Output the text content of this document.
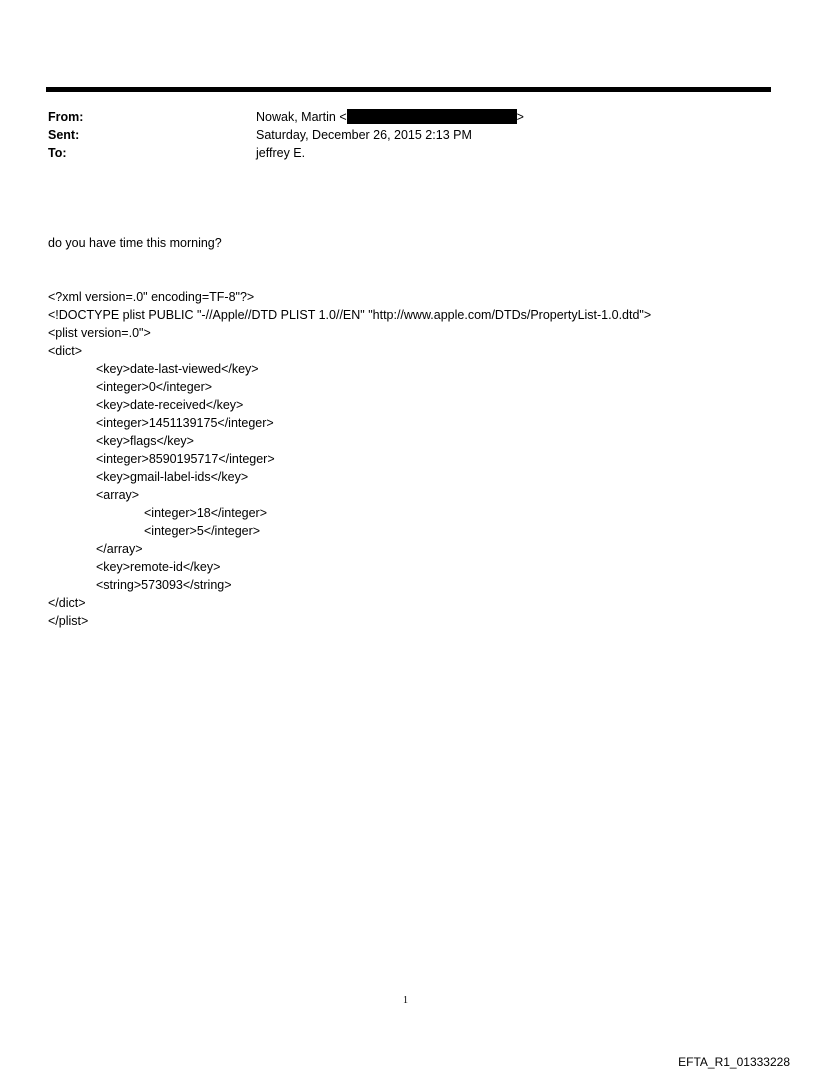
From:	Nowak, Martin <	>
Sent:	Saturday, December 26, 2015 2:13 PM
To:	jeffrey E.
do you have time this morning?
<?xml version=.0" encoding=TF-8"?>
<!DOCTYPE plist PUBLIC "-//Apple//DTD PLIST 1.0//EN" "http://www.apple.com/DTDs/PropertyList-1.0.dtd">
<plist version=.0">
<dict>
<key>date-last-viewed</key>
<integer>0</integer>
<key>date-received</key>
<integer>1451139175</integer>
<key>flags</key>
<integer>8590195717</integer>
<key>gmail-label-ids</key>
<array>
<integer>18</integer>
<integer>5</integer>
</array>
<key>remote-id</key>
<string>573093</string>
</dict>
</plist>
1
EFTA_R1_01333228
